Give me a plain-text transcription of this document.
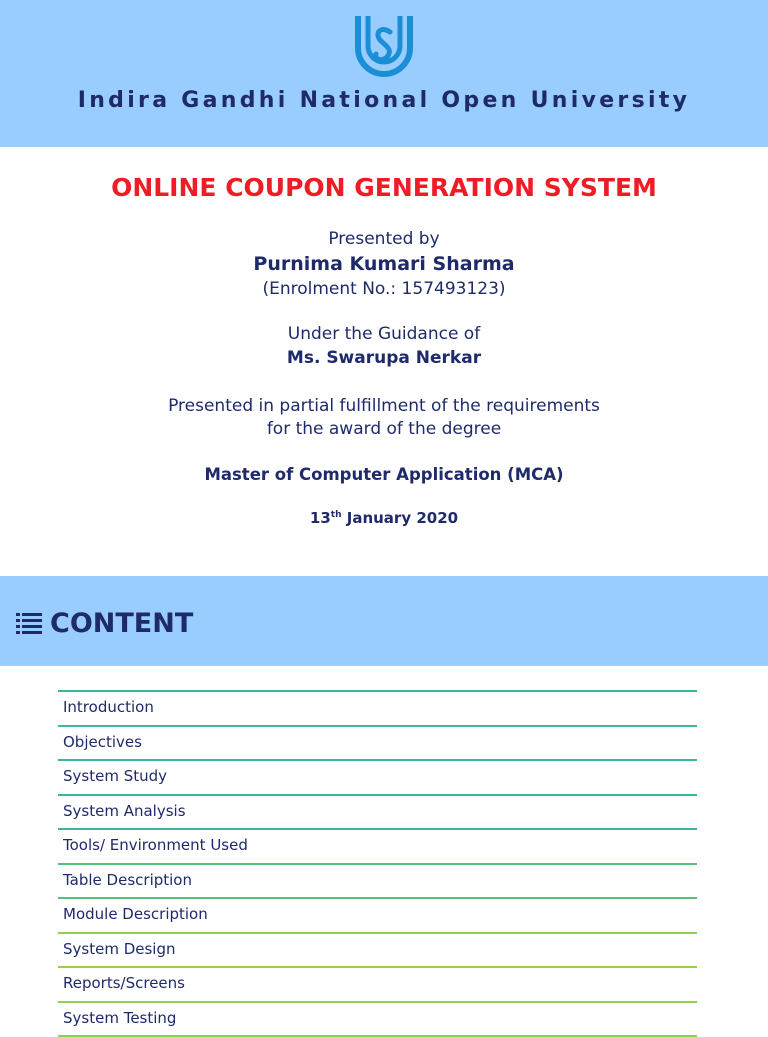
Indira Gandhi National Open University
ONLINE COUPON GENERATION SYSTEM
Presented by
Purnima Kumari Sharma
(Enrolment No.: 157493123)
Under the Guidance of
Ms. Swarupa Nerkar
Presented in partial fulfillment of the requirements
for the award of the degree
Master of Computer Application (MCA)
13th January 2020
CONTENT
Introduction
Objectives
System Study
System Analysis
Tools/ Environment Used
Table Description
Module Description
System Design
Reports/Screens
System Testing
